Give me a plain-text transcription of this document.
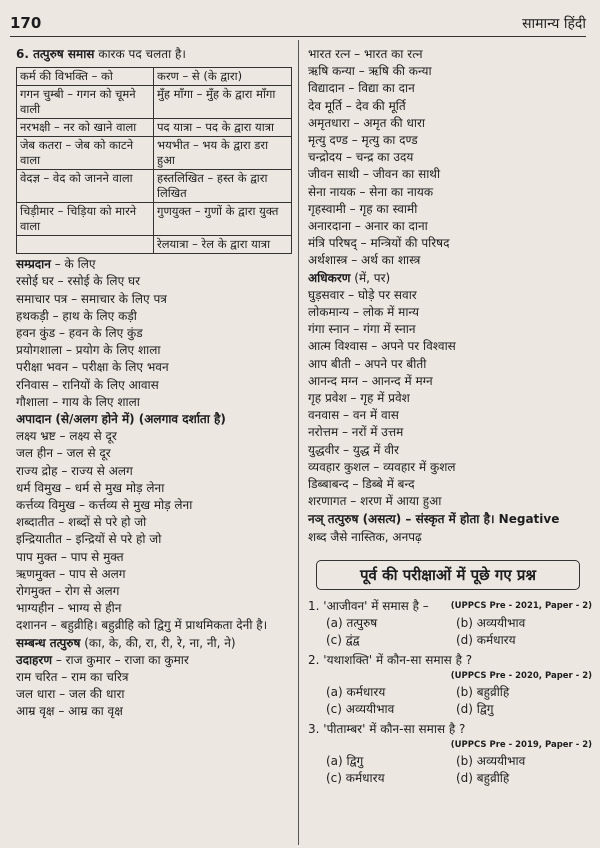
170	सामान्य हिंदी
6. तत्पुरुष समास कारक पद चलता है।
कर्म की विभक्ति – को	करण – से (के द्वारा)
गगन चुम्बी – गगन को चूमने वाली	मुँह माँगा – मुँह के द्वारा माँगा
नरभक्षी – नर को खाने वाला	पद यात्रा – पद के द्वारा यात्रा
जेब कतरा – जेब को काटने वाला	भयभीत – भय के द्वारा डरा हुआ
वेदज्ञ – वेद को जानने वाला	हस्तलिखित – हस्त के द्वारा लिखित
चिड़ीमार – चिड़िया को मारने वाला	गुणयुक्त – गुणों के द्वारा युक्त
	रेलयात्रा – रेल के द्वारा यात्रा
सम्प्रदान – के लिए
रसोई घर – रसोई के लिए घर
समाचार पत्र – समाचार के लिए पत्र
हथकड़ी – हाथ के लिए कड़ी
हवन कुंड – हवन के लिए कुंड
प्रयोगशाला – प्रयोग के लिए शाला
परीक्षा भवन – परीक्षा के लिए भवन
रनिवास – रानियों के लिए आवास
गौशाला – गाय के लिए शाला
अपादान (से/अलग होने में) (अलगाव दर्शाता है)
लक्ष्य भ्रष्ट – लक्ष्य से दूर
जल हीन – जल से दूर
राज्य द्रोह – राज्य से अलग
धर्म विमुख – धर्म से मुख मोड़ लेना
कर्त्तव्य विमुख – कर्त्तव्य से मुख मोड़ लेना
शब्दातीत – शब्दों से परे हो जो
इन्द्रियातीत – इन्द्रियों से परे हो जो
पाप मुक्त – पाप से मुक्त
ऋणमुक्त – पाप से अलग
रोगमुक्त – रोग से अलग
भाग्यहीन – भाग्य से हीन
दशानन – बहुव्रीहि। बहुव्रीहि को द्विगु में प्राथमिकता देनी है।
सम्बन्ध तत्पुरुष (का, के, की, रा, री, रे, ना, नी, ने)
उदाहरण – राज कुमार – राजा का कुमार
राम चरित – राम का चरित्र
जल धारा – जल की धारा
आम्र वृक्ष – आम्र का वृक्ष
भारत रत्न – भारत का रत्न
ऋषि कन्या – ऋषि की कन्या
विद्यादान – विद्या का दान
देव मूर्ति – देव की मूर्ति
अमृतधारा – अमृत की धारा
मृत्यु दण्ड – मृत्यु का दण्ड
चन्द्रोदय – चन्द्र का उदय
जीवन साथी – जीवन का साथी
सेना नायक – सेना का नायक
गृहस्वामी – गृह का स्वामी
अनारदाना – अनार का दाना
मंत्रि परिषद् – मन्त्रियों की परिषद
अर्थशास्त्र – अर्थ का शास्त्र
अधिकरण (में, पर)
घुड़सवार – घोड़े पर सवार
लोकमान्य – लोक में मान्य
गंगा स्नान – गंगा में स्नान
आत्म विश्वास – अपने पर विश्वास
आप बीती – अपने पर बीती
आनन्द मग्न – आनन्द में मग्न
गृह प्रवेश – गृह में प्रवेश
वनवास – वन में वास
नरोत्तम – नरों में उत्तम
युद्धवीर – युद्ध में वीर
व्यवहार कुशल – व्यवहार में कुशल
डिब्बाबन्द – डिब्बे में बन्द
शरणागत – शरण में आया हुआ
नञ् तत्पुरुष (असत्य) – संस्कृत में होता है। Negative
शब्द जैसे नास्तिक, अनपढ़
पूर्व की परीक्षाओं में पूछे गए प्रश्न
1. 'आजीवन' में समास है –	(UPPCS Pre - 2021, Paper - 2)
(a) तत्पुरुष	(b) अव्ययीभाव
(c) द्वंद्व	(d) कर्मधारय
2. 'यथाशक्ति' में कौन-सा समास है ?
(UPPCS Pre - 2020, Paper - 2)
(a) कर्मधारय	(b) बहुव्रीहि
(c) अव्ययीभाव	(d) द्विगु
3. 'पीताम्बर' में कौन-सा समास है ?
(UPPCS Pre - 2019, Paper - 2)
(a) द्विगु	(b) अव्ययीभाव
(c) कर्मधारय	(d) बहुव्रीहि
